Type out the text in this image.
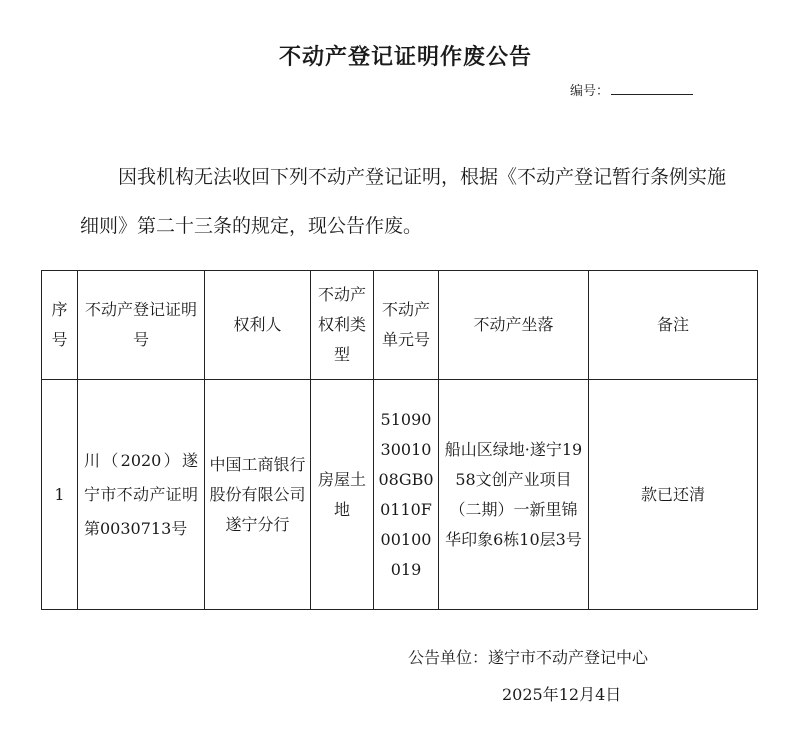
不动产登记证明作废公告
编号：
因我机构无法收回下列不动产登记证明，根据《不动产登记暂行条例实施细则》第二十三条的规定，现公告作废。
序号	不动产登记证明号	权利人	不动产权利类型	不动产单元号	不动产坐落	备注
1	川（2020）遂宁市不动产证明第0030713号	中国工商银行股份有限公司遂宁分行	房屋土地	510903001008GB00110F00100019	船山区绿地·遂宁1958文创产业项目（二期）一新里锦华印象6栋10层3号	款已还清
公告单位：遂宁市不动产登记中心
2025年12月4日
